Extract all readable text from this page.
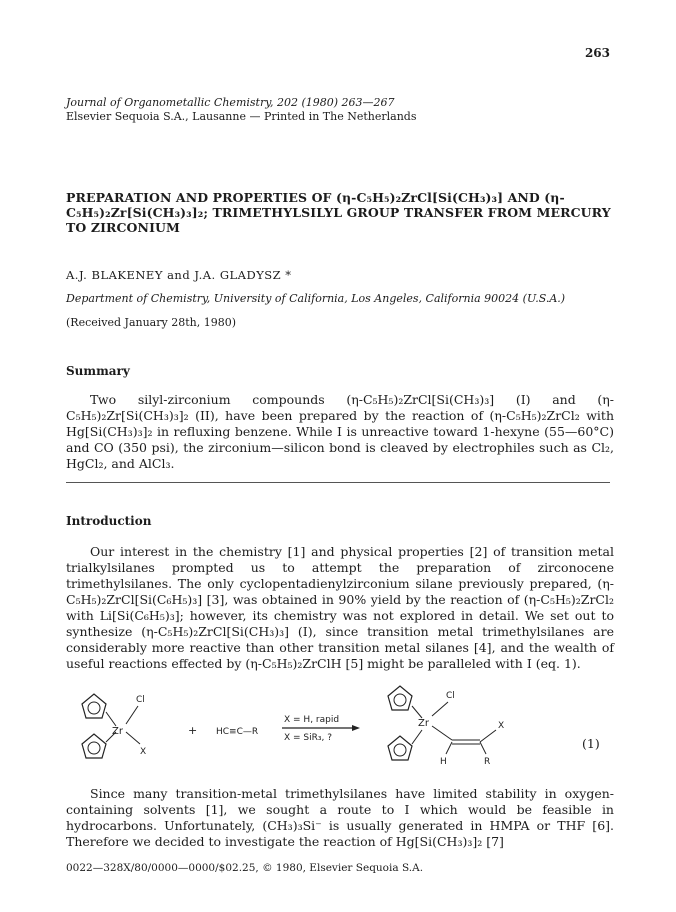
263
Journal of Organometallic Chemistry, 202 (1980) 263—267
Elsevier Sequoia S.A., Lausanne — Printed in The Netherlands
PREPARATION AND PROPERTIES OF (η-C₅H₅)₂ZrCl[Si(CH₃)₃] AND (η-C₅H₅)₂Zr[Si(CH₃)₃]₂; TRIMETHYLSILYL GROUP TRANSFER FROM MERCURY TO ZIRCONIUM
A.J. BLAKENEY and J.A. GLADYSZ *
Department of Chemistry, University of California, Los Angeles, California 90024 (U.S.A.)
(Received January 28th, 1980)
Summary

Two silyl-zirconium compounds (η-C₅H₅)₂ZrCl[Si(CH₃)₃] (I) and (η-C₅H₅)₂Zr[Si(CH₃)₃]₂ (II), have been prepared by the reaction of (η-C₅H₅)₂ZrCl₂ with Hg[Si(CH₃)₃]₂ in refluxing benzene. While I is unreactive toward 1-hexyne (55—60°C) and CO (350 psi), the zirconium—silicon bond is cleaved by electrophiles such as Cl₂, HgCl₂, and AlCl₃.

Introduction

Our interest in the chemistry [1] and physical properties [2] of transition metal trialkylsilanes prompted us to attempt the preparation of zirconocene trimethylsilanes. The only cyclopentadienylzirconium silane previously prepared, (η-C₅H₅)₂ZrCl[Si(C₆H₅)₃] [3], was obtained in 90% yield by the reaction of (η-C₅H₅)₂ZrCl₂ with Li[Si(C₆H₅)₃]; however, its chemistry was not explored in detail. We set out to synthesize (η-C₅H₅)₂ZrCl[Si(CH₃)₃] (I), since transition metal trimethylsilanes are considerably more reactive than other transition metal silanes [4], and the wealth of useful reactions effected by (η-C₅H₅)₂ZrClH [5] might be paralleled with I (eq. 1).

Zr
Cl
X
+ HC≡C—R
X = H, rapid
X = SiR₃, ?
Zr
Cl
X
H	R
(1)

Since many transition-metal trimethylsilanes have limited stability in oxygen-containing solvents [1], we sought a route to I which would be feasible in hydrocarbons. Unfortunately, (CH₃)₃Si⁻ is usually generated in HMPA or THF [6]. Therefore we decided to investigate the reaction of Hg[Si(CH₃)₃]₂ [7]

0022—328X/80/0000—0000/$02.25, © 1980, Elsevier Sequoia S.A.
